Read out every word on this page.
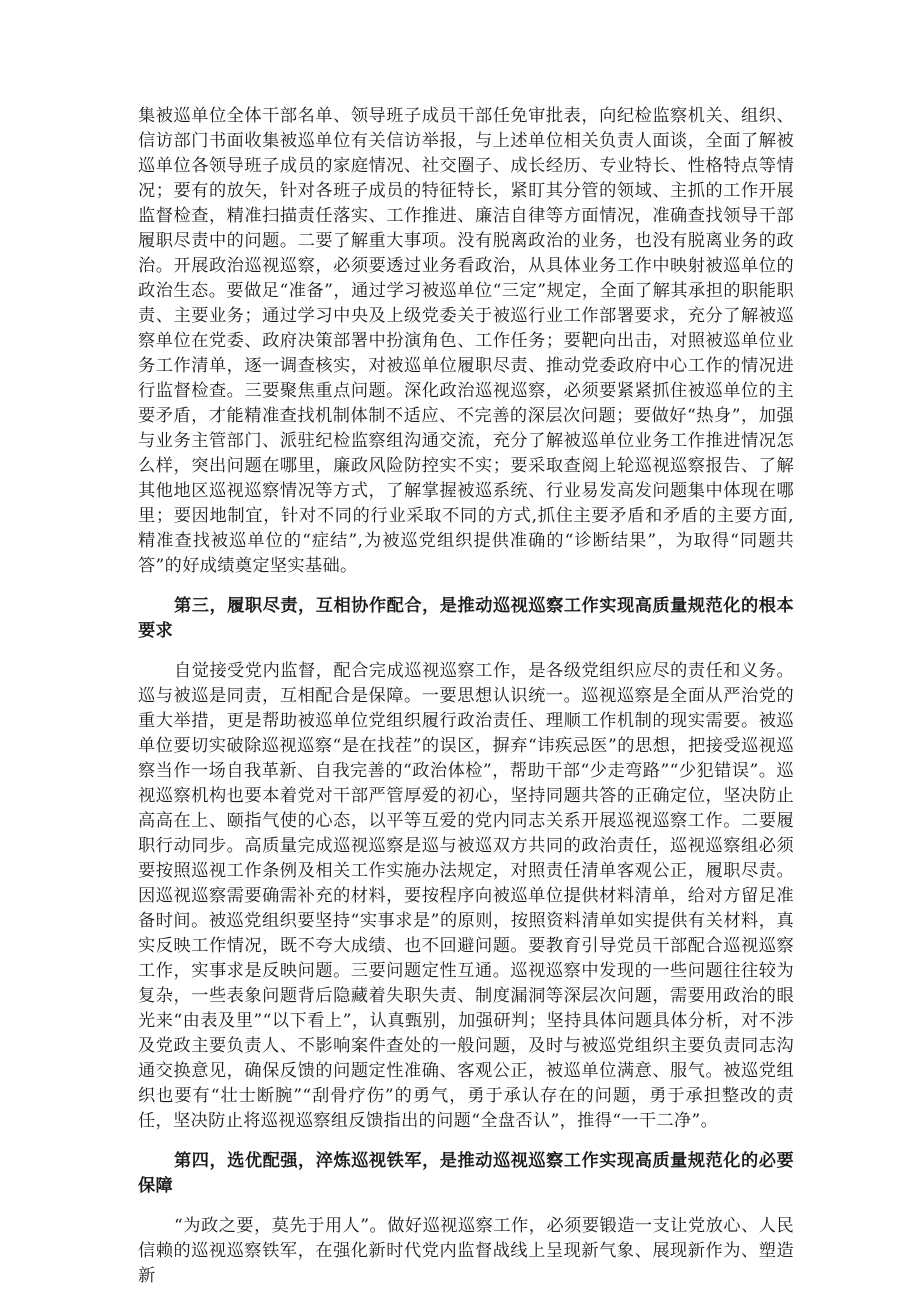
集被巡单位全体干部名单、领导班子成员干部任免审批表，向纪检监察机关、组织、信访部门书面收集被巡单位有关信访举报，与上述单位相关负责人面谈，全面了解被巡单位各领导班子成员的家庭情况、社交圈子、成长经历、专业特长、性格特点等情况；要有的放矢，针对各班子成员的特征特长，紧盯其分管的领域、主抓的工作开展监督检查，精准扫描责任落实、工作推进、廉洁自律等方面情况，准确查找领导干部履职尽责中的问题。二要了解重大事项。没有脱离政治的业务，也没有脱离业务的政治。开展政治巡视巡察，必须要透过业务看政治，从具体业务工作中映射被巡单位的政治生态。要做足“准备”，通过学习被巡单位“三定”规定，全面了解其承担的职能职责、主要业务；通过学习中央及上级党委关于被巡行业工作部署要求，充分了解被巡察单位在党委、政府决策部署中扮演角色、工作任务；要靶向出击，对照被巡单位业务工作清单，逐一调查核实，对被巡单位履职尽责、推动党委政府中心工作的情况进行监督检查。三要聚焦重点问题。深化政治巡视巡察，必须要紧紧抓住被巡单位的主要矛盾，才能精准查找机制体制不适应、不完善的深层次问题；要做好“热身”，加强与业务主管部门、派驻纪检监察组沟通交流，充分了解被巡单位业务工作推进情况怎么样，突出问题在哪里，廉政风险防控实不实；要采取查阅上轮巡视巡察报告、了解其他地区巡视巡察情况等方式，了解掌握被巡系统、行业易发高发问题集中体现在哪里；要因地制宜，针对不同的行业采取不同的方式,抓住主要矛盾和矛盾的主要方面,精准查找被巡单位的“症结”,为被巡党组织提供准确的“诊断结果”，为取得“同题共答”的好成绩奠定坚实基础。

第三，履职尽责，互相协作配合，是推动巡视巡察工作实现高质量规范化的根本要求

自觉接受党内监督，配合完成巡视巡察工作，是各级党组织应尽的责任和义务。巡与被巡是同责，互相配合是保障。一要思想认识统一。巡视巡察是全面从严治党的重大举措，更是帮助被巡单位党组织履行政治责任、理顺工作机制的现实需要。被巡单位要切实破除巡视巡察“是在找茬”的误区，摒弃“讳疾忌医”的思想，把接受巡视巡察当作一场自我革新、自我完善的“政治体检”，帮助干部“少走弯路”“少犯错误”。巡视巡察机构也要本着党对干部严管厚爱的初心，坚持同题共答的正确定位，坚决防止高高在上、颐指气使的心态，以平等互爱的党内同志关系开展巡视巡察工作。二要履职行动同步。高质量完成巡视巡察是巡与被巡双方共同的政治责任，巡视巡察组必须要按照巡视工作条例及相关工作实施办法规定，对照责任清单客观公正，履职尽责。因巡视巡察需要确需补充的材料，要按程序向被巡单位提供材料清单，给对方留足准备时间。被巡党组织要坚持“实事求是”的原则，按照资料清单如实提供有关材料，真实反映工作情况，既不夸大成绩、也不回避问题。要教育引导党员干部配合巡视巡察工作，实事求是反映问题。三要问题定性互通。巡视巡察中发现的一些问题往往较为复杂，一些表象问题背后隐藏着失职失责、制度漏洞等深层次问题，需要用政治的眼光来“由表及里”“以下看上”，认真甄别，加强研判；坚持具体问题具体分析，对不涉及党政主要负责人、不影响案件查处的一般问题，及时与被巡党组织主要负责同志沟通交换意见，确保反馈的问题定性准确、客观公正，被巡单位满意、服气。被巡党组织也要有“壮士断腕”“刮骨疗伤”的勇气，勇于承认存在的问题，勇于承担整改的责任，坚决防止将巡视巡察组反馈指出的问题“全盘否认”，推得“一干二净”。

第四，选优配强，淬炼巡视铁军，是推动巡视巡察工作实现高质量规范化的必要保障

“为政之要，莫先于用人”。做好巡视巡察工作，必须要锻造一支让党放心、人民信赖的巡视巡察铁军，在强化新时代党内监督战线上呈现新气象、展现新作为、塑造新
